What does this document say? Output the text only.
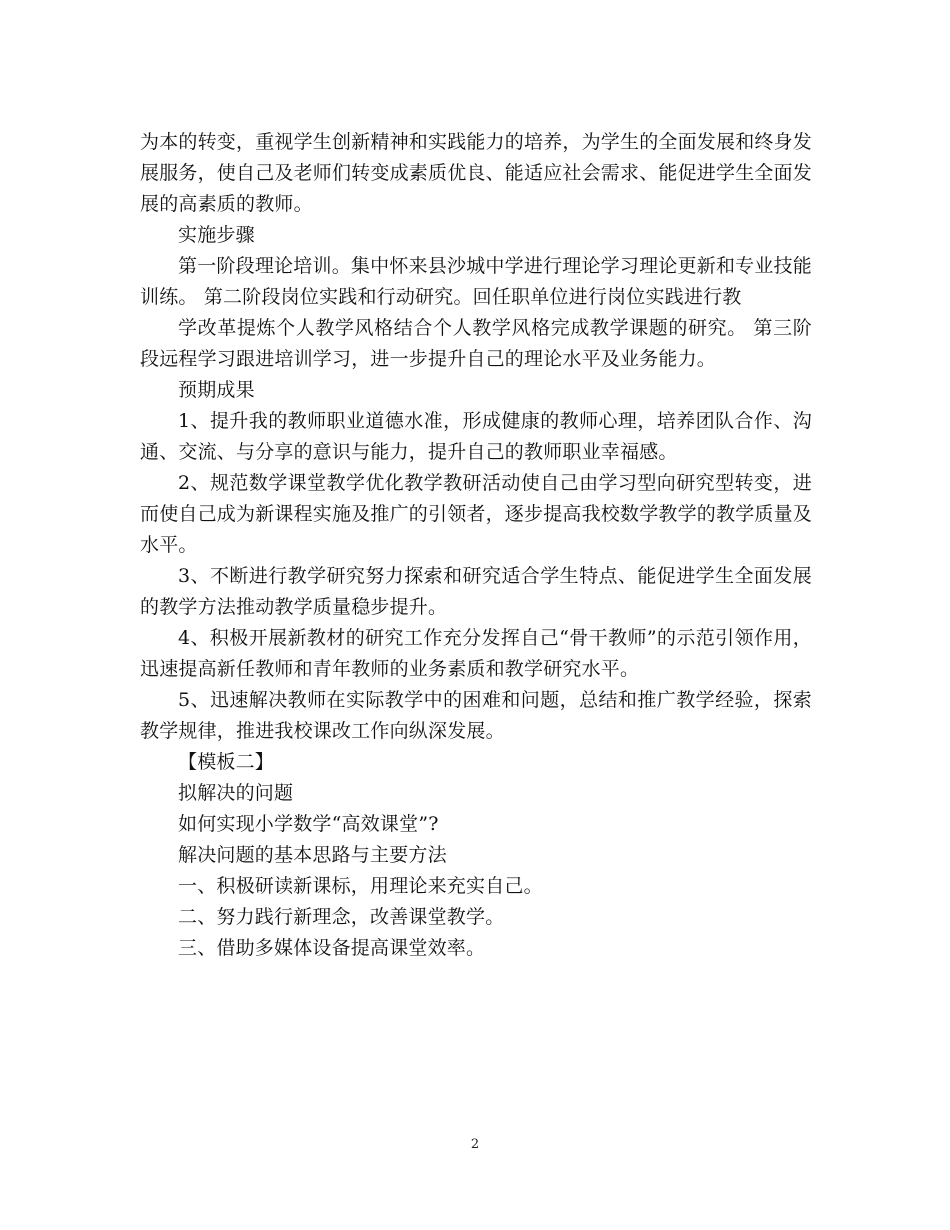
为本的转变，重视学生创新精神和实践能力的培养，为学生的全面发展和终身发展服务，使自己及老师们转变成素质优良、能适应社会需求、能促进学生全面发展的高素质的教师。

实施步骤

第一阶段理论培训。集中怀来县沙城中学进行理论学习理论更新和专业技能训练。 第二阶段岗位实践和行动研究。回任职单位进行岗位实践进行教

学改革提炼个人教学风格结合个人教学风格完成教学课题的研究。 第三阶段远程学习跟进培训学习，进一步提升自己的理论水平及业务能力。

预期成果

1、提升我的教师职业道德水准，形成健康的教师心理，培养团队合作、沟通、交流、与分享的意识与能力，提升自己的教师职业幸福感。

2、规范数学课堂教学优化教学教研活动使自己由学习型向研究型转变，进而使自己成为新课程实施及推广的引领者，逐步提高我校数学教学的教学质量及水平。

3、不断进行教学研究努力探索和研究适合学生特点、能促进学生全面发展的教学方法推动教学质量稳步提升。

4、积极开展新教材的研究工作充分发挥自己“骨干教师”的示范引领作用，迅速提高新任教师和青年教师的业务素质和教学研究水平。

5、迅速解决教师在实际教学中的困难和问题，总结和推广教学经验，探索教学规律，推进我校课改工作向纵深发展。

【模板二】

拟解决的问题

如何实现小学数学“高效课堂”?

解决问题的基本思路与主要方法

一、积极研读新课标，用理论来充实自己。

二、努力践行新理念，改善课堂教学。

三、借助多媒体设备提高课堂效率。

2
